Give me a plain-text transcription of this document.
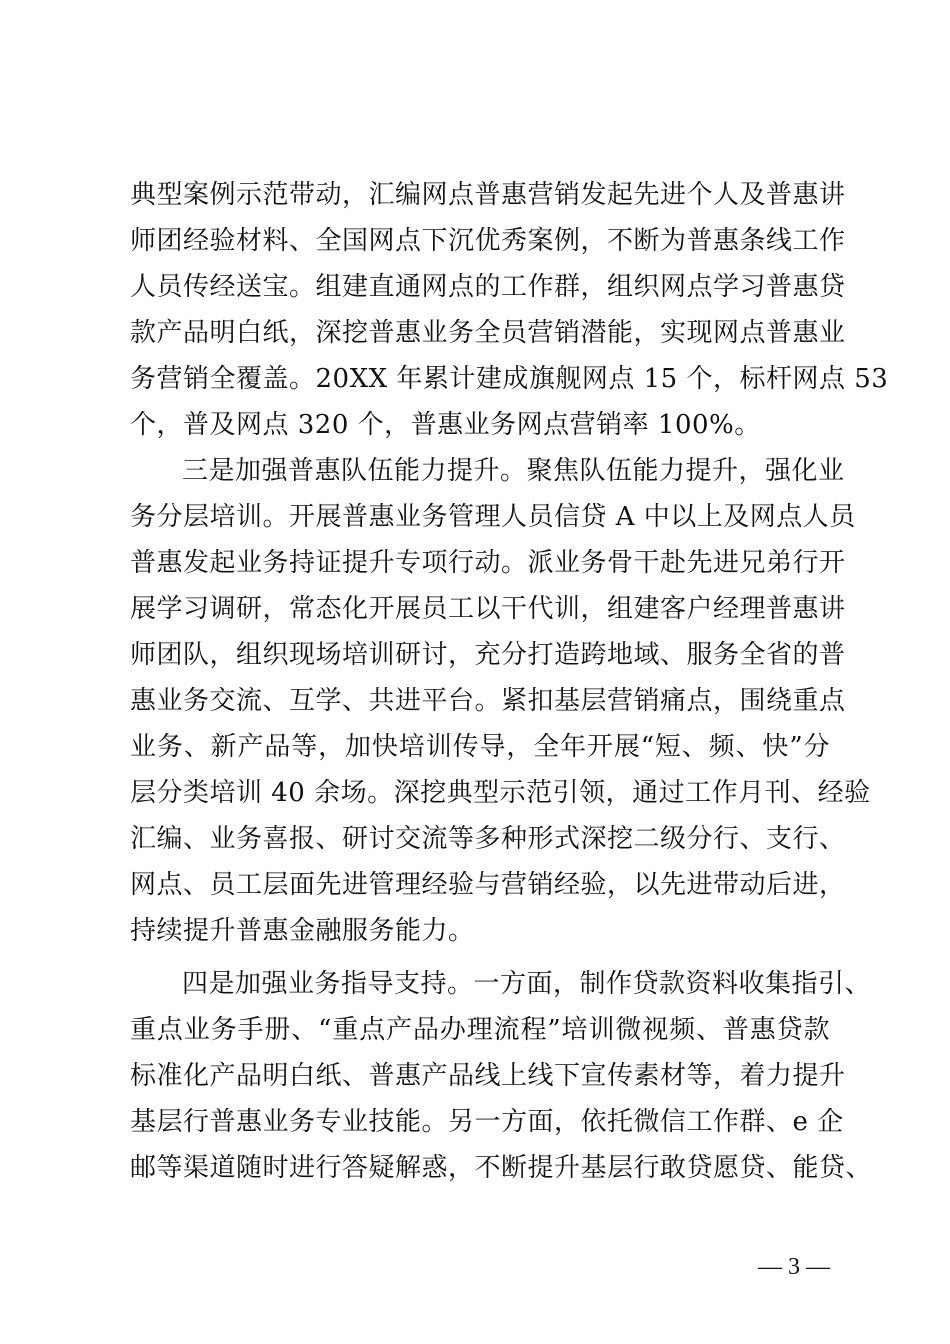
典型案例示范带动，汇编网点普惠营销发起先进个人及普惠讲
师团经验材料、全国网点下沉优秀案例，不断为普惠条线工作
人员传经送宝。组建直通网点的工作群，组织网点学习普惠贷
款产品明白纸，深挖普惠业务全员营销潜能，实现网点普惠业
务营销全覆盖。20XX 年累计建成旗舰网点 15 个，标杆网点 53
个，普及网点 320 个，普惠业务网点营销率 100%。
三是加强普惠队伍能力提升。聚焦队伍能力提升，强化业
务分层培训。开展普惠业务管理人员信贷 A 中以上及网点人员
普惠发起业务持证提升专项行动。派业务骨干赴先进兄弟行开
展学习调研，常态化开展员工以干代训，组建客户经理普惠讲
师团队，组织现场培训研讨，充分打造跨地域、服务全省的普
惠业务交流、互学、共进平台。紧扣基层营销痛点，围绕重点
业务、新产品等，加快培训传导，全年开展“短、频、快”分
层分类培训 40 余场。深挖典型示范引领，通过工作月刊、经验
汇编、业务喜报、研讨交流等多种形式深挖二级分行、支行、
网点、员工层面先进管理经验与营销经验，以先进带动后进，
持续提升普惠金融服务能力。
四是加强业务指导支持。一方面，制作贷款资料收集指引、
重点业务手册、“重点产品办理流程”培训微视频、普惠贷款
标准化产品明白纸、普惠产品线上线下宣传素材等，着力提升
基层行普惠业务专业技能。另一方面，依托微信工作群、e 企
邮等渠道随时进行答疑解惑，不断提升基层行敢贷愿贷、能贷、
— 3 —
